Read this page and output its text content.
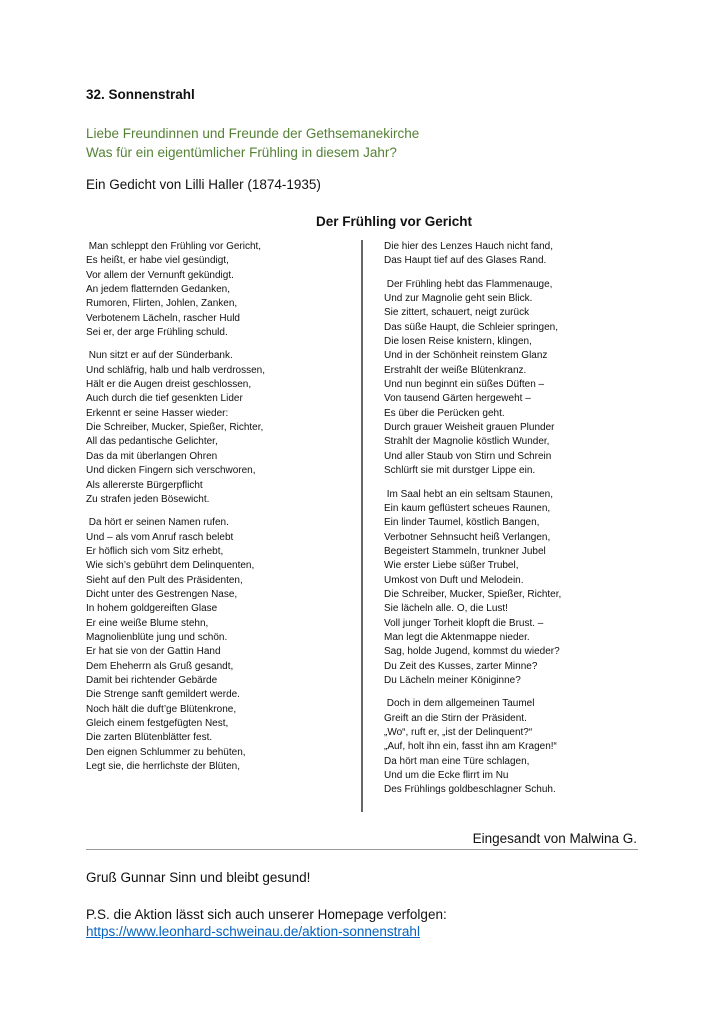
32. Sonnenstrahl
Liebe Freundinnen und Freunde der Gethsemanekirche
Was für ein eigentümlicher Frühling in diesem Jahr?
Ein Gedicht von Lilli Haller (1874-1935)
Der Frühling vor Gericht
Man schleppt den Frühling vor Gericht,
Es heißt, er habe viel gesündigt,
Vor allem der Vernunft gekündigt.
An jedem flatternden Gedanken,
Rumoren, Flirten, Johlen, Zanken,
Verbotenem Lächeln, rascher Huld
Sei er, der arge Frühling schuld.
Nun sitzt er auf der Sünderbank.
Und schläfrig, halb und halb verdrossen,
Hält er die Augen dreist geschlossen,
Auch durch die tief gesenkten Lider
Erkennt er seine Hasser wieder:
Die Schreiber, Mucker, Spießer, Richter,
All das pedantische Gelichter,
Das da mit überlangen Ohren
Und dicken Fingern sich verschworen,
Als allererste Bürgerpflicht
Zu strafen jeden Bösewicht.
Da hört er seinen Namen rufen.
Und – als vom Anruf rasch belebt
Er höflich sich vom Sitz erhebt,
Wie sich’s gebührt dem Delinquenten,
Sieht auf den Pult des Präsidenten,
Dicht unter des Gestrengen Nase,
In hohem goldgereiften Glase
Er eine weiße Blume stehn,
Magnolienblüte jung und schön.
Er hat sie von der Gattin Hand
Dem Eheherrn als Gruß gesandt,
Damit bei richtender Gebärde
Die Strenge sanft gemildert werde.
Noch hält die duft’ge Blütenkrone,
Gleich einem festgefügten Nest,
Die zarten Blütenblätter fest.
Den eignen Schlummer zu behüten,
Legt sie, die herrlichste der Blüten,
Die hier des Lenzes Hauch nicht fand,
Das Haupt tief auf des Glases Rand.
Der Frühling hebt das Flammenauge,
Und zur Magnolie geht sein Blick.
Sie zittert, schauert, neigt zurück
Das süße Haupt, die Schleier springen,
Die losen Reise knistern, klingen,
Und in der Schönheit reinstem Glanz
Erstrahlt der weiße Blütenkranz.
Und nun beginnt ein süßes Düften –
Von tausend Gärten hergeweht –
Es über die Perücken geht.
Durch grauer Weisheit grauen Plunder
Strahlt der Magnolie köstlich Wunder,
Und aller Staub von Stirn und Schrein
Schlürft sie mit durstger Lippe ein.
Im Saal hebt an ein seltsam Staunen,
Ein kaum geflüstert scheues Raunen,
Ein linder Taumel, köstlich Bangen,
Verbotner Sehnsucht heiß Verlangen,
Begeistert Stammeln, trunkner Jubel
Wie erster Liebe süßer Trubel,
Umkost von Duft und Melodein.
Die Schreiber, Mucker, Spießer, Richter,
Sie lächeln alle. O, die Lust!
Voll junger Torheit klopft die Brust. –
Man legt die Aktenmappe nieder.
Sag, holde Jugend, kommst du wieder?
Du Zeit des Kusses, zarter Minne?
Du Lächeln meiner Königinne?
Doch in dem allgemeinen Taumel
Greift an die Stirn der Präsident.
„Wo“, ruft er, „ist der Delinquent?“
„Auf, holt ihn ein, fasst ihn am Kragen!“
Da hört man eine Türe schlagen,
Und um die Ecke flirrt im Nu
Des Frühlings goldbeschlagner Schuh.
Eingesandt von Malwina G.
Gruß Gunnar Sinn und bleibt gesund!
P.S. die Aktion lässt sich auch unserer Homepage verfolgen:
https://www.leonhard-schweinau.de/aktion-sonnenstrahl
